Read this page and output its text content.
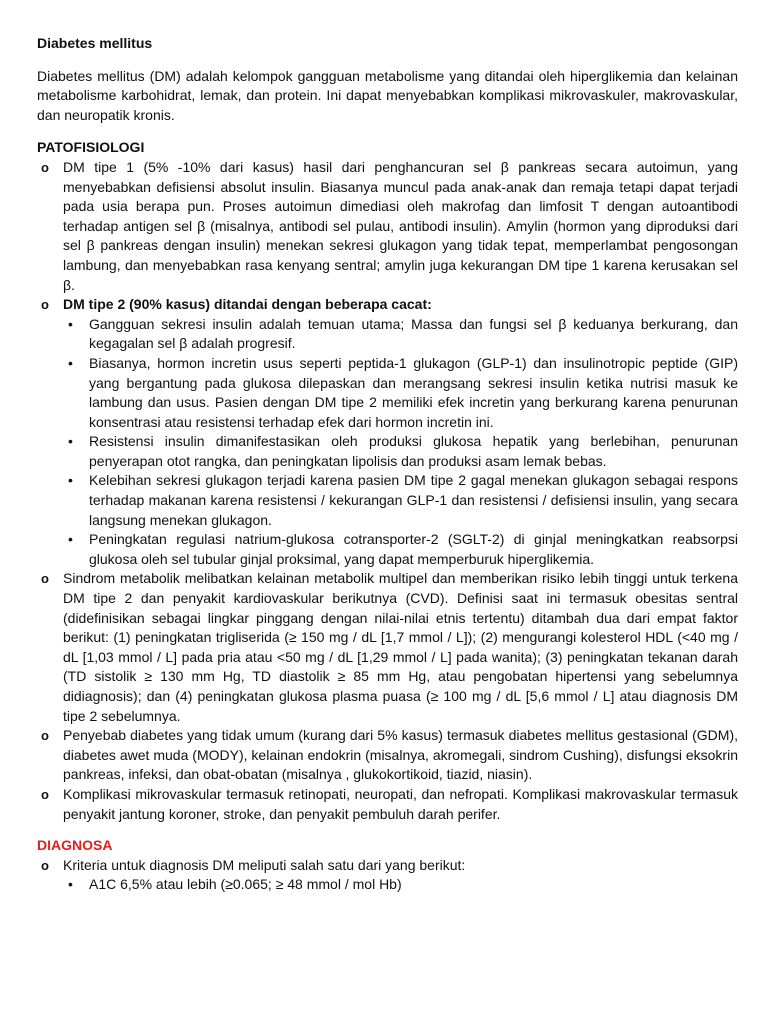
Diabetes mellitus

Diabetes mellitus (DM) adalah kelompok gangguan metabolisme yang ditandai oleh hiperglikemia dan kelainan metabolisme karbohidrat, lemak, dan protein. Ini dapat menyebabkan komplikasi mikrovaskuler, makrovaskular, dan neuropatik kronis.

PATOFISIOLOGI

o DM tipe 1 (5% -10% dari kasus) hasil dari penghancuran sel β pankreas secara autoimun, yang menyebabkan defisiensi absolut insulin. Biasanya muncul pada anak-anak dan remaja tetapi dapat terjadi pada usia berapa pun. Proses autoimun dimediasi oleh makrofag dan limfosit T dengan autoantibodi terhadap antigen sel β (misalnya, antibodi sel pulau, antibodi insulin). Amylin (hormon yang diproduksi dari sel β pankreas dengan insulin) menekan sekresi glukagon yang tidak tepat, memperlambat pengosongan lambung, dan menyebabkan rasa kenyang sentral; amylin juga kekurangan DM tipe 1 karena kerusakan sel β.
o DM tipe 2 (90% kasus) ditandai dengan beberapa cacat:
• Gangguan sekresi insulin adalah temuan utama; Massa dan fungsi sel β keduanya berkurang, dan kegagalan sel β adalah progresif.
• Biasanya, hormon incretin usus seperti peptida-1 glukagon (GLP-1) dan insulinotropic peptide (GIP) yang bergantung pada glukosa dilepaskan dan merangsang sekresi insulin ketika nutrisi masuk ke lambung dan usus. Pasien dengan DM tipe 2 memiliki efek incretin yang berkurang karena penurunan konsentrasi atau resistensi terhadap efek dari hormon incretin ini.
• Resistensi insulin dimanifestasikan oleh produksi glukosa hepatik yang berlebihan, penurunan penyerapan otot rangka, dan peningkatan lipolisis dan produksi asam lemak bebas.
• Kelebihan sekresi glukagon terjadi karena pasien DM tipe 2 gagal menekan glukagon sebagai respons terhadap makanan karena resistensi / kekurangan GLP-1 dan resistensi / defisiensi insulin, yang secara langsung menekan glukagon.
• Peningkatan regulasi natrium-glukosa cotransporter-2 (SGLT-2) di ginjal meningkatkan reabsorpsi glukosa oleh sel tubular ginjal proksimal, yang dapat memperburuk hiperglikemia.
o Sindrom metabolik melibatkan kelainan metabolik multipel dan memberikan risiko lebih tinggi untuk terkena DM tipe 2 dan penyakit kardiovaskular berikutnya (CVD). Definisi saat ini termasuk obesitas sentral (didefinisikan sebagai lingkar pinggang dengan nilai-nilai etnis tertentu) ditambah dua dari empat faktor berikut: (1) peningkatan trigliserida (≥ 150 mg / dL [1,7 mmol / L]); (2) mengurangi kolesterol HDL (<40 mg / dL [1,03 mmol / L] pada pria atau <50 mg / dL [1,29 mmol / L] pada wanita); (3) peningkatan tekanan darah (TD sistolik ≥ 130 mm Hg, TD diastolik ≥ 85 mm Hg, atau pengobatan hipertensi yang sebelumnya didiagnosis); dan (4) peningkatan glukosa plasma puasa (≥ 100 mg / dL [5,6 mmol / L] atau diagnosis DM tipe 2 sebelumnya.
o Penyebab diabetes yang tidak umum (kurang dari 5% kasus) termasuk diabetes mellitus gestasional (GDM), diabetes awet muda (MODY), kelainan endokrin (misalnya, akromegali, sindrom Cushing), disfungsi eksokrin pankreas, infeksi, dan obat-obatan (misalnya , glukokortikoid, tiazid, niasin).
o Komplikasi mikrovaskular termasuk retinopati, neuropati, dan nefropati. Komplikasi makrovaskular termasuk penyakit jantung koroner, stroke, dan penyakit pembuluh darah perifer.

DIAGNOSA

o Kriteria untuk diagnosis DM meliputi salah satu dari yang berikut:
• A1C 6,5% atau lebih (≥0.065; ≥ 48 mmol / mol Hb)
